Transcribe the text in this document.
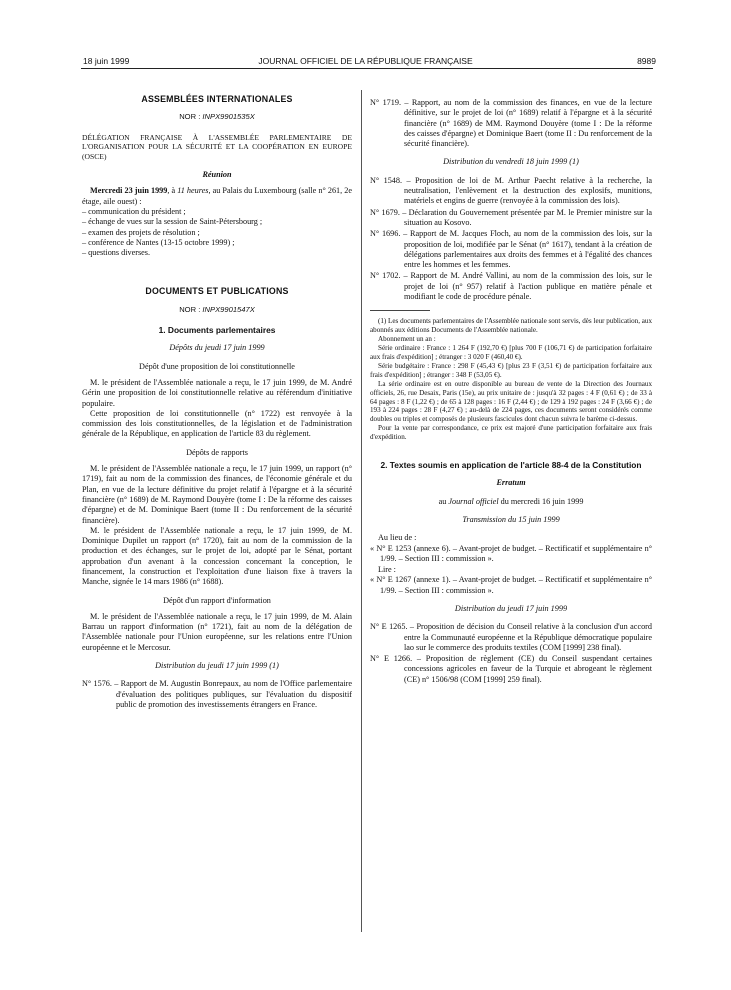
18 juin 1999	JOURNAL OFFICIEL DE LA RÉPUBLIQUE FRANÇAISE	8989
ASSEMBLÉES INTERNATIONALES
NOR : INPX9901535X
DÉLÉGATION FRANÇAISE À L'ASSEMBLÉE PARLEMENTAIRE DE L'ORGANISATION POUR LA SÉCURITÉ ET LA COOPÉRATION EN EUROPE (OSCE)
Réunion

Mercredi 23 juin 1999, à 11 heures, au Palais du Luxembourg (salle n° 261, 2e étage, aile ouest) :

– communication du président ;
– échange de vues sur la session de Saint-Pétersbourg ;
– examen des projets de résolution ;
– conférence de Nantes (13-15 octobre 1999) ;
– questions diverses.
DOCUMENTS ET PUBLICATIONS
NOR : INPX9901547X
1. Documents parlementaires
Dépôts du jeudi 17 juin 1999
Dépôt d'une proposition de loi constitutionnelle

M. le président de l'Assemblée nationale a reçu, le 17 juin 1999, de M. André Gérin une proposition de loi constitutionnelle relative au référendum d'initiative populaire.

Cette proposition de loi constitutionnelle (n° 1722) est renvoyée à la commission des lois constitutionnelles, de la législation et de l'administration générale de la République, en application de l'article 83 du règlement.

Dépôts de rapports

M. le président de l'Assemblée nationale a reçu, le 17 juin 1999, un rapport (n° 1719), fait au nom de la commission des finances, de l'économie générale et du Plan, en vue de la lecture définitive du projet relatif à l'épargne et à la sécurité financière (n° 1689) de M. Raymond Douyère (tome I : De la réforme des caisses d'épargne) et de M. Dominique Baert (tome II : Du renforcement de la sécurité financière).

M. le président de l'Assemblée nationale a reçu, le 17 juin 1999, de M. Dominique Dupilet un rapport (n° 1720), fait au nom de la commission de la production et des échanges, sur le projet de loi, adopté par le Sénat, portant approbation d'un avenant à la concession concernant la conception, le financement, la construction et l'exploitation d'une liaison fixe à travers la Manche, signée le 14 mars 1986 (n° 1688).

Dépôt d'un rapport d'information

M. le président de l'Assemblée nationale a reçu, le 17 juin 1999, de M. Alain Barrau un rapport d'information (n° 1721), fait au nom de la délégation de l'Assemblée nationale pour l'Union européenne, sur les relations entre l'Union européenne et le Mercosur.

Distribution du jeudi 17 juin 1999 (1)
N° 1576. – Rapport de M. Augustin Bonrepaux, au nom de l'Office parlementaire d'évaluation des politiques publiques, sur l'évaluation du dispositif public de promotion des investissements étrangers en France.
N° 1719. – Rapport, au nom de la commission des finances, en vue de la lecture définitive, sur le projet de loi (n° 1689) relatif à l'épargne et à la sécurité financière (n° 1689) de MM. Raymond Douyère (tome I : De la réforme des caisses d'épargne) et Dominique Baert (tome II : Du renforcement de la sécurité financière).
Distribution du vendredi 18 juin 1999 (1)
N° 1548. – Proposition de loi de M. Arthur Paecht relative à la recherche, la neutralisation, l'enlèvement et la destruction des explosifs, munitions, matériels et engins de guerre (renvoyée à la commission des lois).
N° 1679. – Déclaration du Gouvernement présentée par M. le Premier ministre sur la situation au Kosovo.
N° 1696. – Rapport de M. Jacques Floch, au nom de la commission des lois, sur la proposition de loi, modifiée par le Sénat (n° 1617), tendant à la création de délégations parlementaires aux droits des femmes et à l'égalité des chances entre les hommes et les femmes.
N° 1702. – Rapport de M. André Vallini, au nom de la commission des lois, sur le projet de loi (n° 957) relatif à l'action publique en matière pénale et modifiant le code de procédure pénale.

(1) Les documents parlementaires de l'Assemblée nationale sont servis, dès leur publication, aux abonnés aux éditions Documents de l'Assemblée nationale.

Abonnement un an :

Série ordinaire : France : 1 264 F (192,70 €) [plus 700 F (106,71 €) de participation forfaitaire aux frais d'expédition] ; étranger : 3 020 F (460,40 €).

Série budgétaire : France : 298 F (45,43 €) [plus 23 F (3,51 €) de participation forfaitaire aux frais d'expédition] ; étranger : 348 F (53,05 €).

La série ordinaire est en outre disponible au bureau de vente de la Direction des Journaux officiels, 26, rue Desaix, Paris (15e), au prix unitaire de : jusqu'à 32 pages : 4 F (0,61 €) ; de 33 à 64 pages : 8 F (1,22 €) ; de 65 à 128 pages : 16 F (2,44 €) ; de 129 à 192 pages : 24 F (3,66 €) ; de 193 à 224 pages : 28 F (4,27 €) ; au-delà de 224 pages, ces documents seront considérés comme doubles ou triples et composés de plusieurs fascicules dont chacun suivra le barème ci-dessus.

Pour la vente par correspondance, ce prix est majoré d'une participation forfaitaire aux frais d'expédition.

2. Textes soumis en application de l'article 88-4 de la Constitution
Erratum
au Journal officiel du mercredi 16 juin 1999
Transmission du 15 juin 1999

Au lieu de :

« N° E 1253 (annexe 6). – Avant-projet de budget. – Rectificatif et supplémentaire n° 1/99. – Section III : commission ».

Lire :

« N° E 1267 (annexe 1). – Avant-projet de budget. – Rectificatif et supplémentaire n° 1/99. – Section III : commission ».
Distribution du jeudi 17 juin 1999
N° E 1265. – Proposition de décision du Conseil relative à la conclusion d'un accord entre la Communauté européenne et la République démocratique populaire lao sur le commerce des produits textiles (COM [1999] 238 final).
N° E 1266. – Proposition de règlement (CE) du Conseil suspendant certaines concessions agricoles en faveur de la Turquie et abrogeant le règlement (CE) n° 1506/98 (COM [1999] 259 final).
